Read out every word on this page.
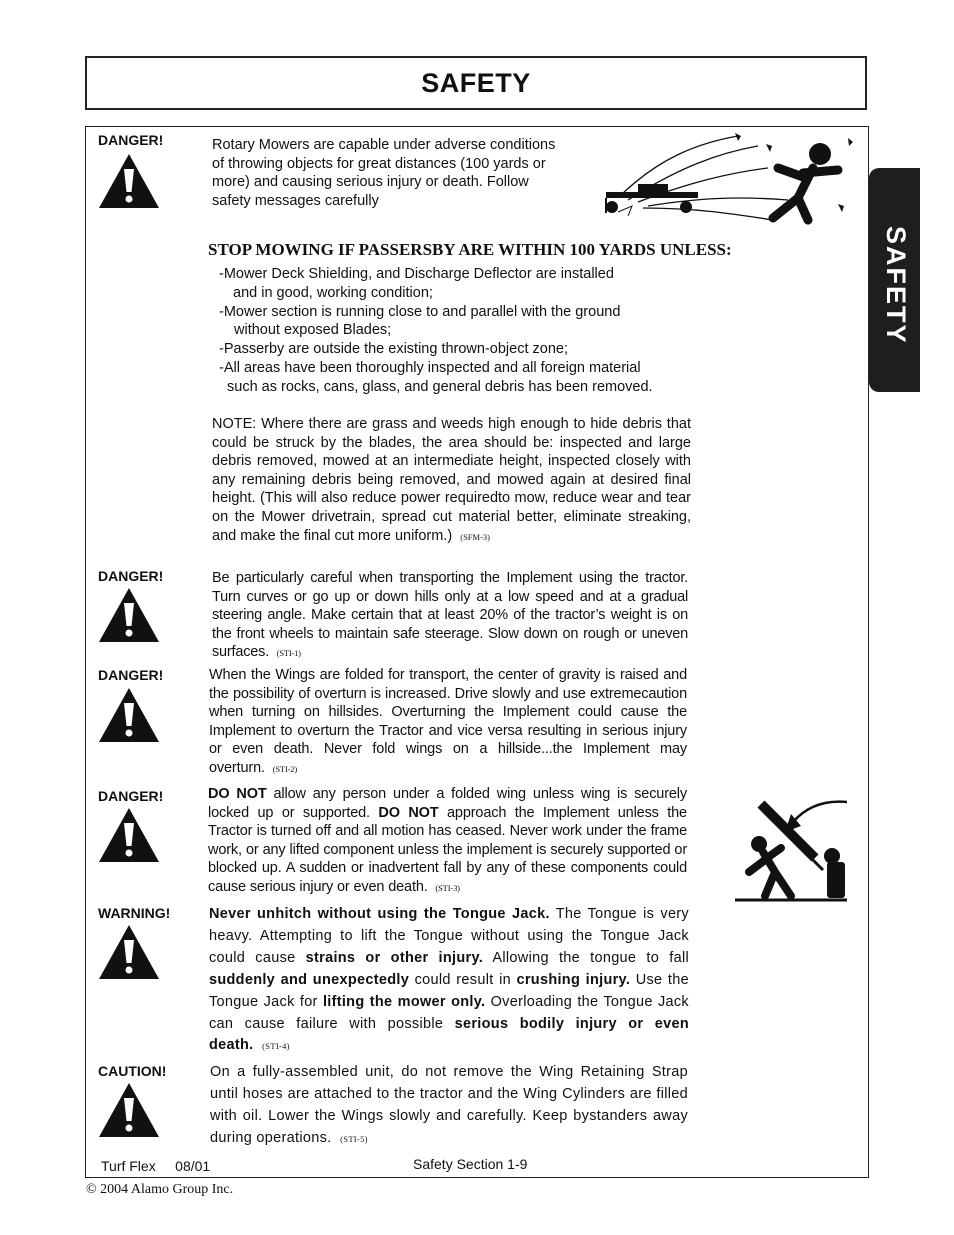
SAFETY
SAFETY
DANGER!	Rotary Mowers are capable under adverse conditions
of throwing objects for great distances (100 yards or
more) and causing serious injury or death. Follow
safety messages carefully
STOP MOWING IF PASSERSBY ARE WITHIN 100 YARDS UNLESS:
-Mower Deck Shielding, and Discharge Deflector are installed
and in good, working condition;
-Mower section is running close to and parallel with the ground
without exposed Blades;
-Passerby are outside the existing thrown-object zone;
-All areas have been thoroughly inspected and all foreign material
such as rocks, cans, glass, and general debris has been removed.
NOTE: Where there are grass and weeds high enough to hide debris that could be struck by the blades, the area should be: inspected and large debris removed, mowed at an intermediate height, inspected closely with any remaining debris being removed, and mowed again at desired final height. (This will also reduce power requiredto mow, reduce wear and tear on the Mower drivetrain, spread cut material better, eliminate streaking, and make the final cut more uniform.) (SFM-3)
DANGER!	Be particularly careful when transporting the Implement using the tractor. Turn curves or go up or down hills only at a low speed and at a gradual steering angle. Make certain that at least 20% of the tractor’s weight is on the front wheels to maintain safe steerage. Slow down on rough or uneven surfaces. (STI-1)
DANGER!	When the Wings are folded for transport, the center of gravity is raised and the possibility of overturn is increased. Drive slowly and use extremecaution when turning on hillsides. Overturning the Implement could cause the Implement to overturn the Tractor and vice versa resulting in serious injury or even death. Never fold wings on a hillside...the Implement may overturn. (STI-2)
DANGER!	DO NOT allow any person under a folded wing unless wing is securely locked up or supported. DO NOT approach the Implement unless the Tractor is turned off and all motion has ceased. Never work under the frame work, or any lifted component unless the implement is securely supported or blocked up. A sudden or inadvertent fall by any of these components could cause serious injury or even death. (STI-3)
WARNING!	Never unhitch without using the Tongue Jack. The Tongue is very heavy. Attempting to lift the Tongue without using the Tongue Jack could cause strains or other injury. Allowing the tongue to fall suddenly and unexpectedly could result in crushing injury. Use the Tongue Jack for lifting the mower only. Overloading the Tongue Jack can cause failure with possible serious bodily injury or even death. (STI-4)
CAUTION!	On a fully-assembled unit, do not remove the Wing Retaining Strap until hoses are attached to the tractor and the Wing Cylinders are filled with oil. Lower the Wings slowly and carefully. Keep bystanders away during operations. (STI-5)
Turf Flex     08/01	Safety Section 1-9
© 2004 Alamo Group Inc.
